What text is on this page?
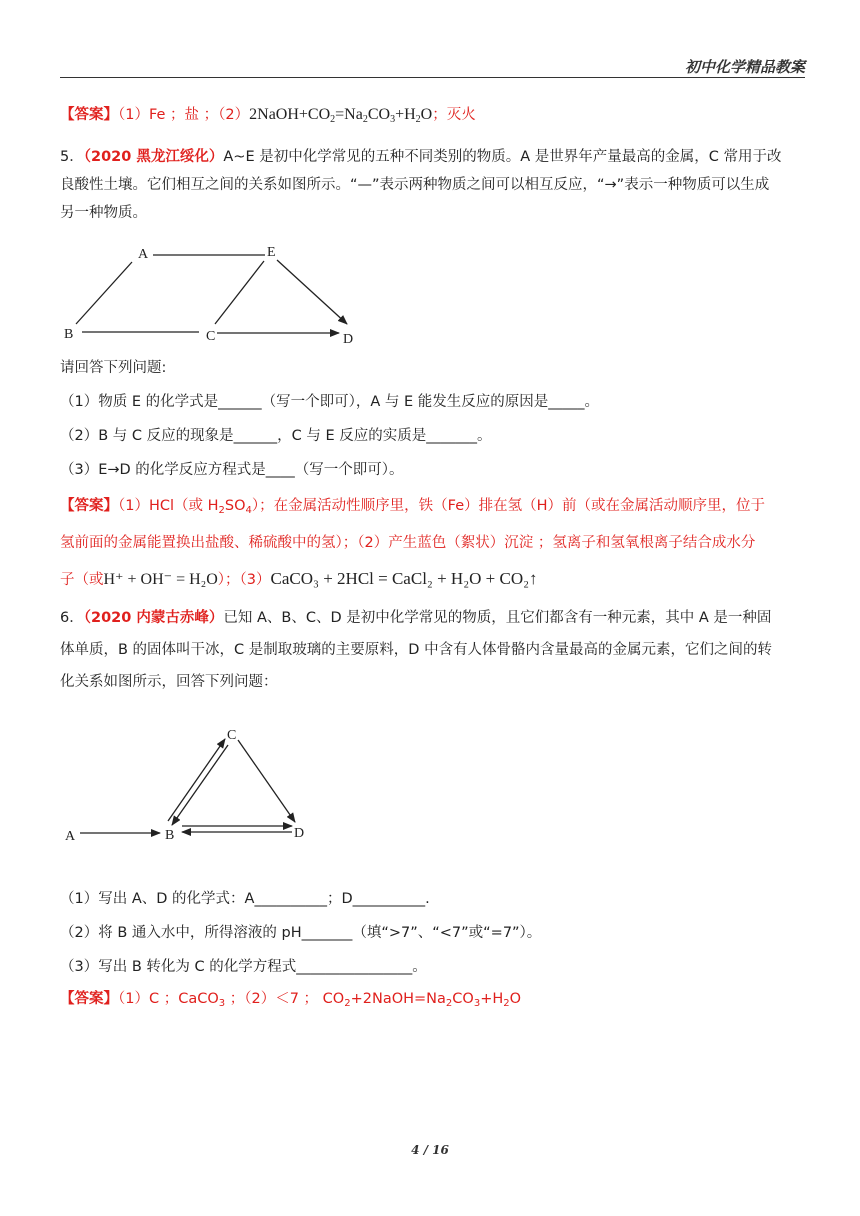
初中化学精品教案
【答案】（1）Fe ；盐 ；$(2)2NaOH+CO_2=Na_2CO_3+H_2O$；灭火
5．（2020 黑龙江绥化）A~E 是初中化学常见的五种不同类别的物质。A 是世界年产量最高的金属，C 常用于改
良酸性土壤。它们相互之间的关系如图所示。“—”表示两种物质之间可以相互反应，“→”表示一种物质可以生成
另一种物质。
A	E
B	C	D
请回答下列问题:
（1）物质 E 的化学式是______（写一个即可），A 与 E 能发生反应的原因是_____。
（2）B 与 C 反应的现象是______，C 与 E 反应的实质是_______。
（3）E→D 的化学反应方程式是____（写一个即可）。
【答案】（1）HCl（或 $H_2SO_4$）；在金属活动性顺序里，铁（Fe）排在氢（H）前（或在金属活动顺序里，位于
氢前面的金属能置换出盐酸、稀硫酸中的氢）；（2）产生蓝色（絮状）沉淀 ；氢离子和氢氧根离子结合成水分
子（或H⁺ + OH⁻ = H₂O）；（3）CaCO₃ + 2HCl = CaCl₂ + H₂O + CO₂↑
6．（2020 内蒙古赤峰）已知 A、B、C、D 是初中化学常见的物质，且它们都含有一种元素，其中 A 是一种固
体单质，B 的固体叫干冰，C 是制取玻璃的主要原料，D 中含有人体骨骼内含量最高的金属元素，它们之间的转
化关系如图所示，回答下列问题：
A	B
C
D
（1）写出 A、D 的化学式：A__________；D__________.
（2）将 B 通入水中，所得溶液的 pH_______（填“>7”、“<7”或“=7”）。
（3）写出 B 转化为 C 的化学方程式________________。
【答案】（1）C ；CaCO$_3$ ；（2）＜7 ； $CO_2+2NaOH=Na_2CO_3+H_2O$
4 / 16
